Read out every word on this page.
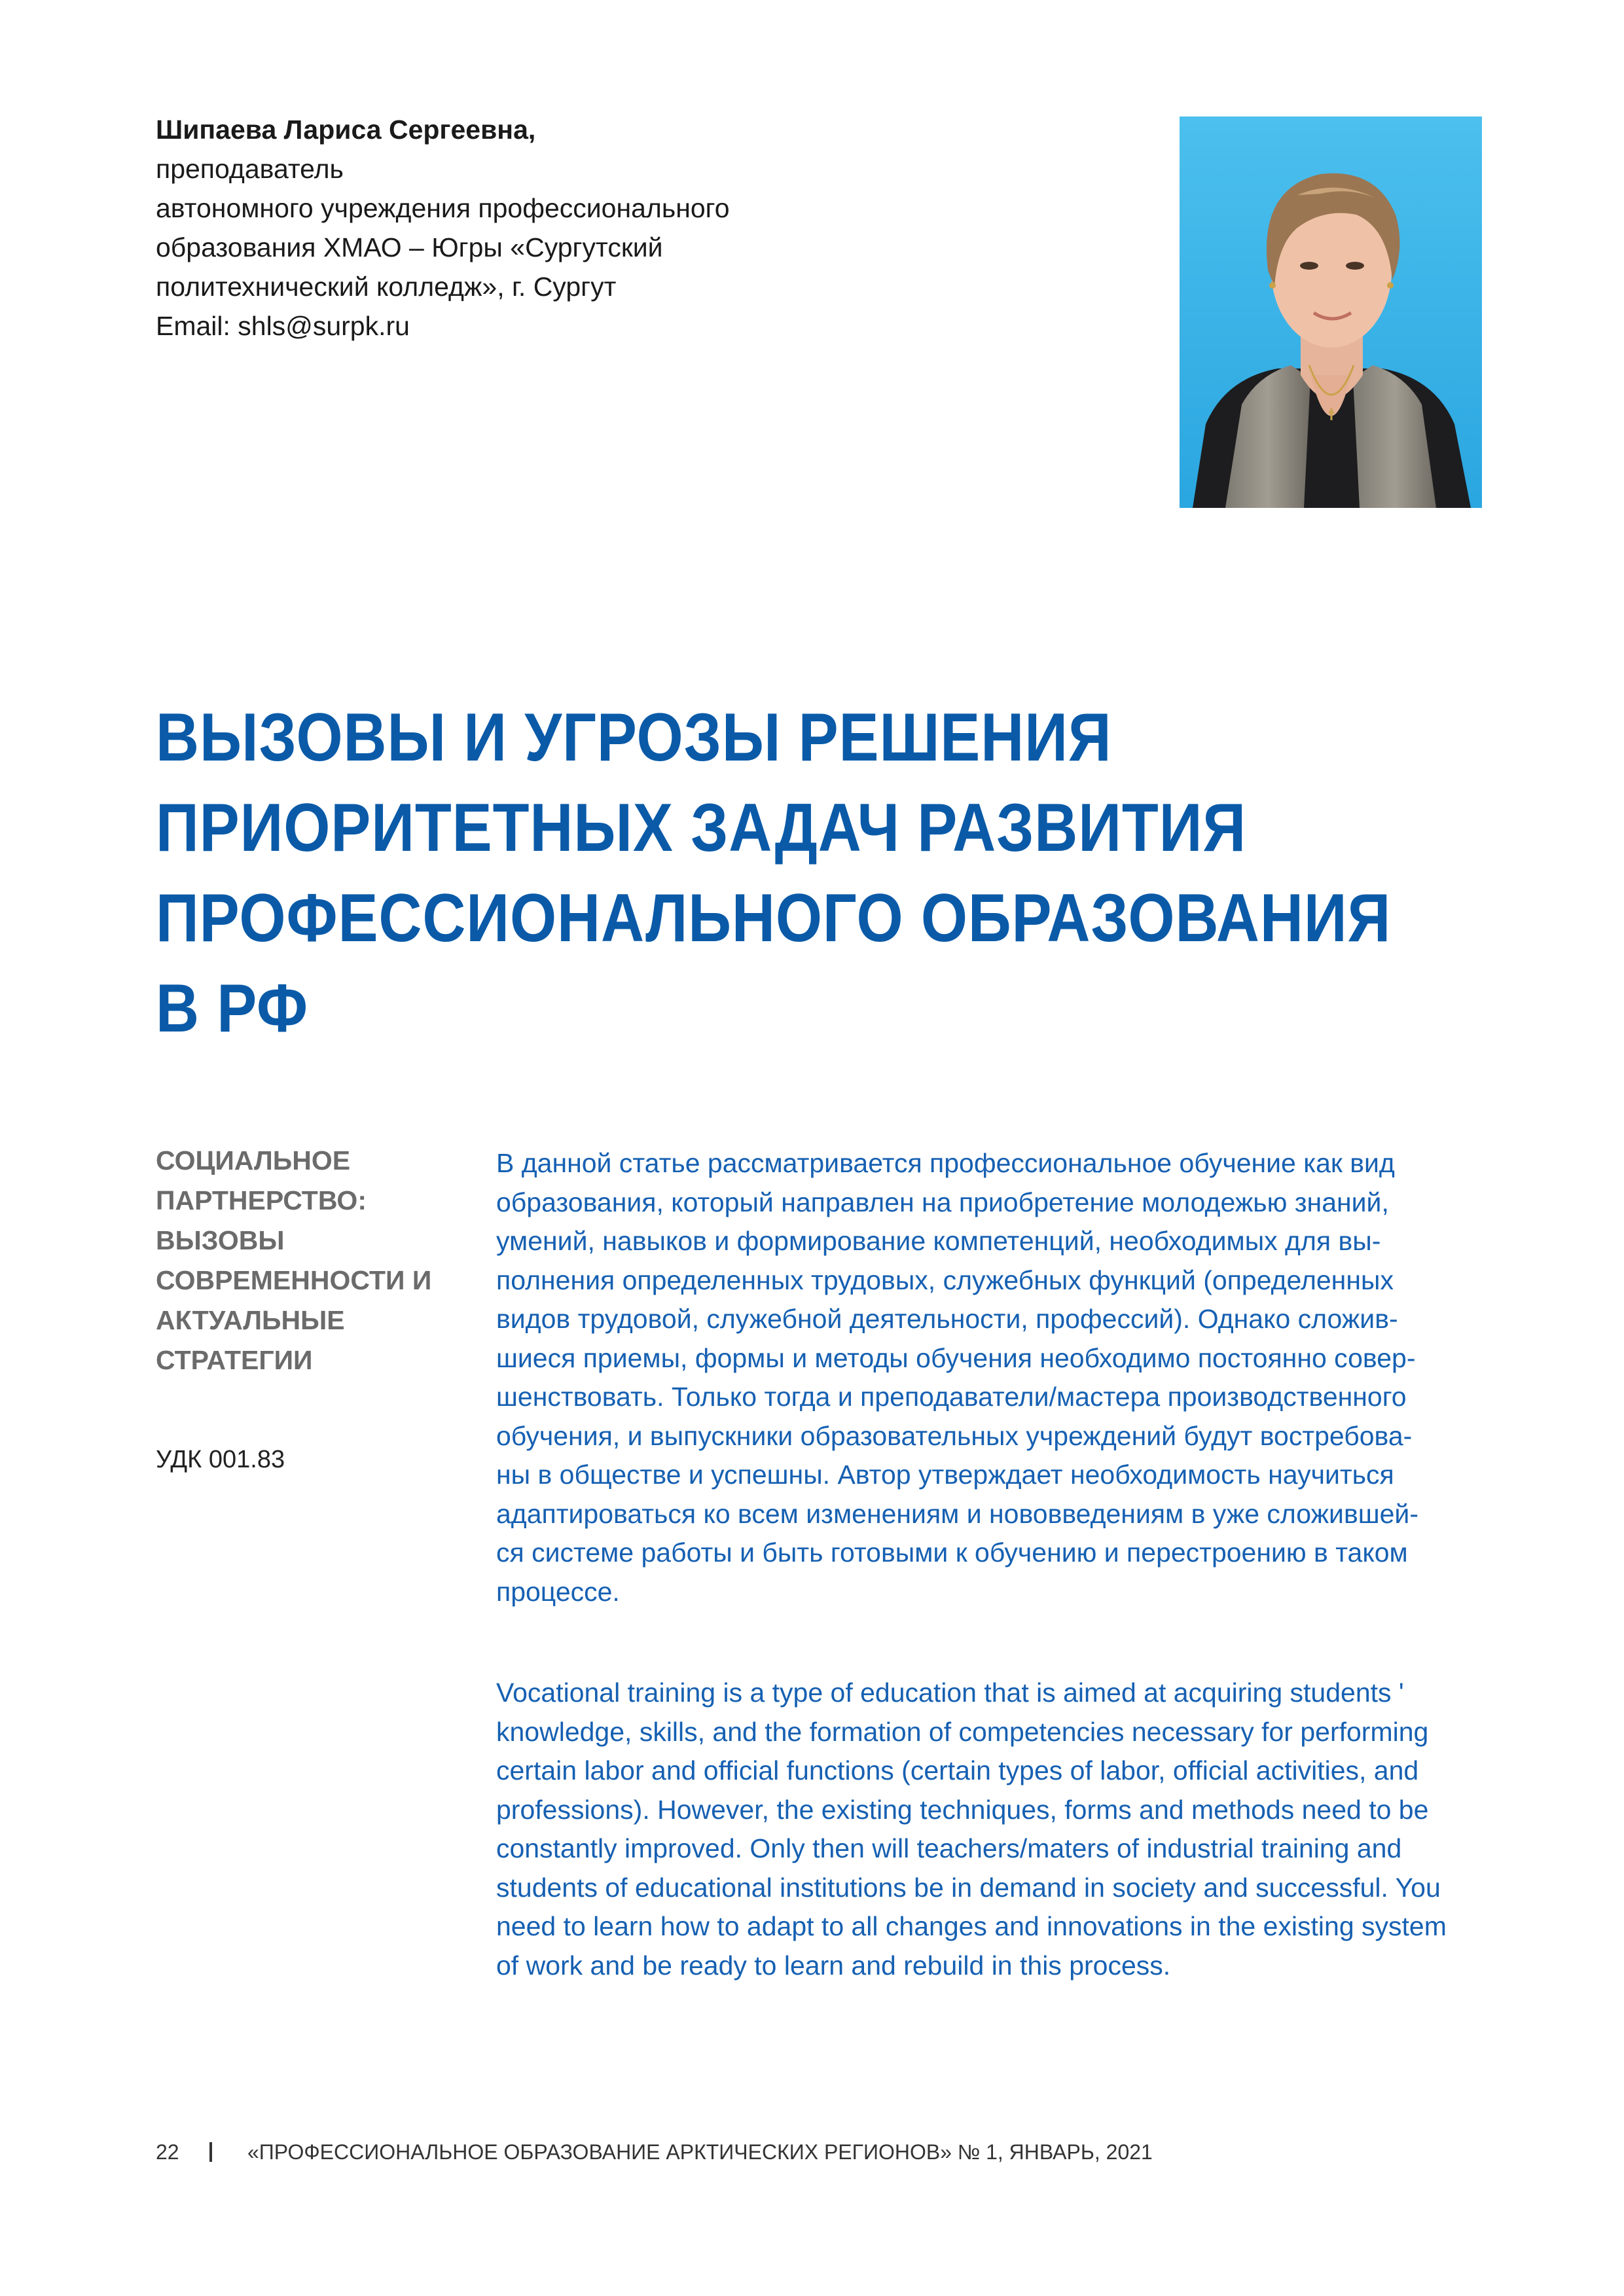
Шипаева Лариса Сергеевна,
преподаватель
автономного учреждения профессионального
образования ХМАО – Югры «Сургутский
политехнический колледж», г. Сургут
Email: shls@surpk.ru
ВЫЗОВЫ И УГРОЗЫ РЕШЕНИЯ
ПРИОРИТЕТНЫХ ЗАДАЧ РАЗВИТИЯ
ПРОФЕССИОНАЛЬНОГО ОБРАЗОВАНИЯ
В РФ
СОЦИАЛЬНОЕ
ПАРТНЕРСТВО:
ВЫЗОВЫ
СОВРЕМЕННОСТИ И
АКТУАЛЬНЫЕ
СТРАТЕГИИ
УДК 001.83
В данной статье рассматривается профессиональное обучение как вид
образования, который направлен на приобретение молодежью знаний,
умений, навыков и формирование компетенций, необходимых для вы-
полнения определенных трудовых, служебных функций (определенных
видов трудовой, служебной деятельности, профессий). Однако сложив-
шиеся приемы, формы и методы обучения необходимо постоянно совер-
шенствовать. Только тогда и преподаватели/мастера производственного
обучения, и выпускники образовательных учреждений будут востребова-
ны в обществе и успешны. Автор утверждает необходимость научиться
адаптироваться ко всем изменениям и нововведениям в уже сложившей-
ся системе работы и быть готовыми к обучению и перестроению в таком
процессе.
Vocational training is a type of education that is aimed at acquiring students '
knowledge, skills, and the formation of competencies necessary for performing
certain labor and official functions (certain types of labor, official activities, and
professions). However, the existing techniques, forms and methods need to be
constantly improved. Only then will teachers/maters of industrial training and
students of educational institutions be in demand in society and successful. You
need to learn how to adapt to all changes and innovations in the existing system
of work and be ready to learn and rebuild in this process.
22	«ПРОФЕССИОНАЛЬНОЕ ОБРАЗОВАНИЕ АРКТИЧЕСКИХ РЕГИОНОВ» № 1, ЯНВАРЬ, 2021
